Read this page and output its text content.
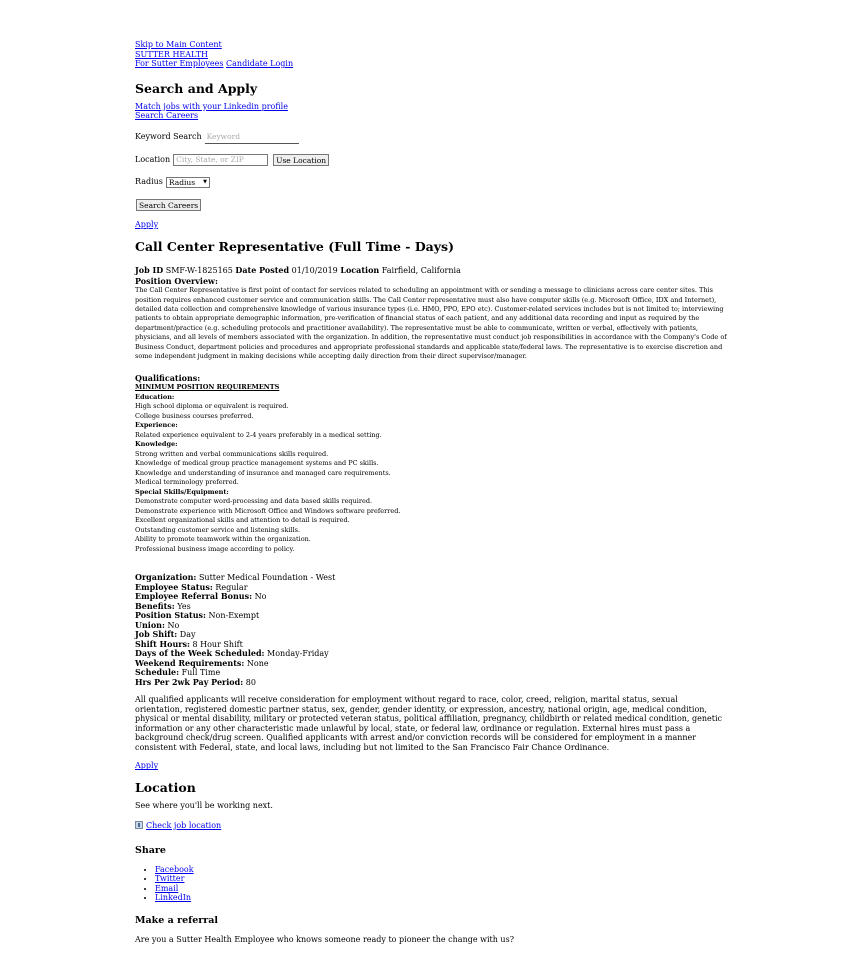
Skip to Main Content
SUTTER HEALTH
For Sutter Employees Candidate Login
Search and Apply
Match jobs with your Linkedin profile
Search Careers
Keyword Search
Keyword
Location
City, State, or ZIP	Use Location
Radius Radius ▼
Search Careers
Apply
Call Center Representative (Full Time - Days)
Job ID SMF-W-1825165 Date Posted 01/10/2019 Location Fairfield, California
Position Overview:

The Call Center Representative is first point of contact for services related to scheduling an appointment with or sending a message to clinicians across care center sites. This position requires enhanced customer service and communication skills. The Call Center representative must also have computer skills (e.g. Microsoft Office, IDX and Internet), detailed data collection and comprehensive knowledge of various insurance types (i.e. HMO, PPO, EPO etc). Customer-related services includes but is not limited to; interviewing patients to obtain appropriate demographic information, pre-verification of financial status of each patient, and any additional data recording and input as required by the department/practice (e.g. scheduling protocols and practitioner availability). The representative must be able to communicate, written or verbal, effectively with patients, physicians, and all levels of members associated with the organization. In addition, the representative must conduct job responsibilities in accordance with the Company's Code of Business Conduct, department policies and procedures and appropriate professional standards and applicable state/federal laws. The representative is to exercise discretion and some independent judgment in making decisions while accepting daily direction from their direct supervisor/manager.

Qualifications:
MINIMUM POSITION REQUIREMENTS
Education:
High school diploma or equivalent is required.
College business courses preferred.
Experience:
Related experience equivalent to 2-4 years preferably in a medical setting.
Knowledge:
Strong written and verbal communications skills required.
Knowledge of medical group practice management systems and PC skills.
Knowledge and understanding of insurance and managed care requirements.
Medical terminology preferred.
Special Skills/Equipment:
Demonstrate computer word-processing and data based skills required.
Demonstrate experience with Microsoft Office and Windows software preferred.
Excellent organizational skills and attention to detail is required.
Outstanding customer service and listening skills.
Ability to promote teamwork within the organization.
Professional business image according to policy.
Organization: Sutter Medical Foundation - West
Employee Status: Regular
Employee Referral Bonus: No
Benefits: Yes
Position Status: Non-Exempt
Union: No
Job Shift: Day
Shift Hours: 8 Hour Shift
Days of the Week Scheduled: Monday-Friday
Weekend Requirements: None
Schedule: Full Time
Hrs Per 2wk Pay Period: 80

All qualified applicants will receive consideration for employment without regard to race, color, creed, religion, marital status, sexual orientation, registered domestic partner status, sex, gender, gender identity, or expression, ancestry, national origin, age, medical condition, physical or mental disability, military or protected veteran status, political affiliation, pregnancy, childbirth or related medical condition, genetic information or any other characteristic made unlawful by local, state, or federal law, ordinance or regulation. External hires must pass a background check/drug screen. Qualified applicants with arrest and/or conviction records will be considered for employment in a manner consistent with Federal, state, and local laws, including but not limited to the San Francisco Fair Chance Ordinance.

Apply
Location

See where you'll be working next.

Check job location
Share
• Facebook
• Twitter
• Email
• LinkedIn
Make a referral

Are you a Sutter Health Employee who knows someone ready to pioneer the change with us?
